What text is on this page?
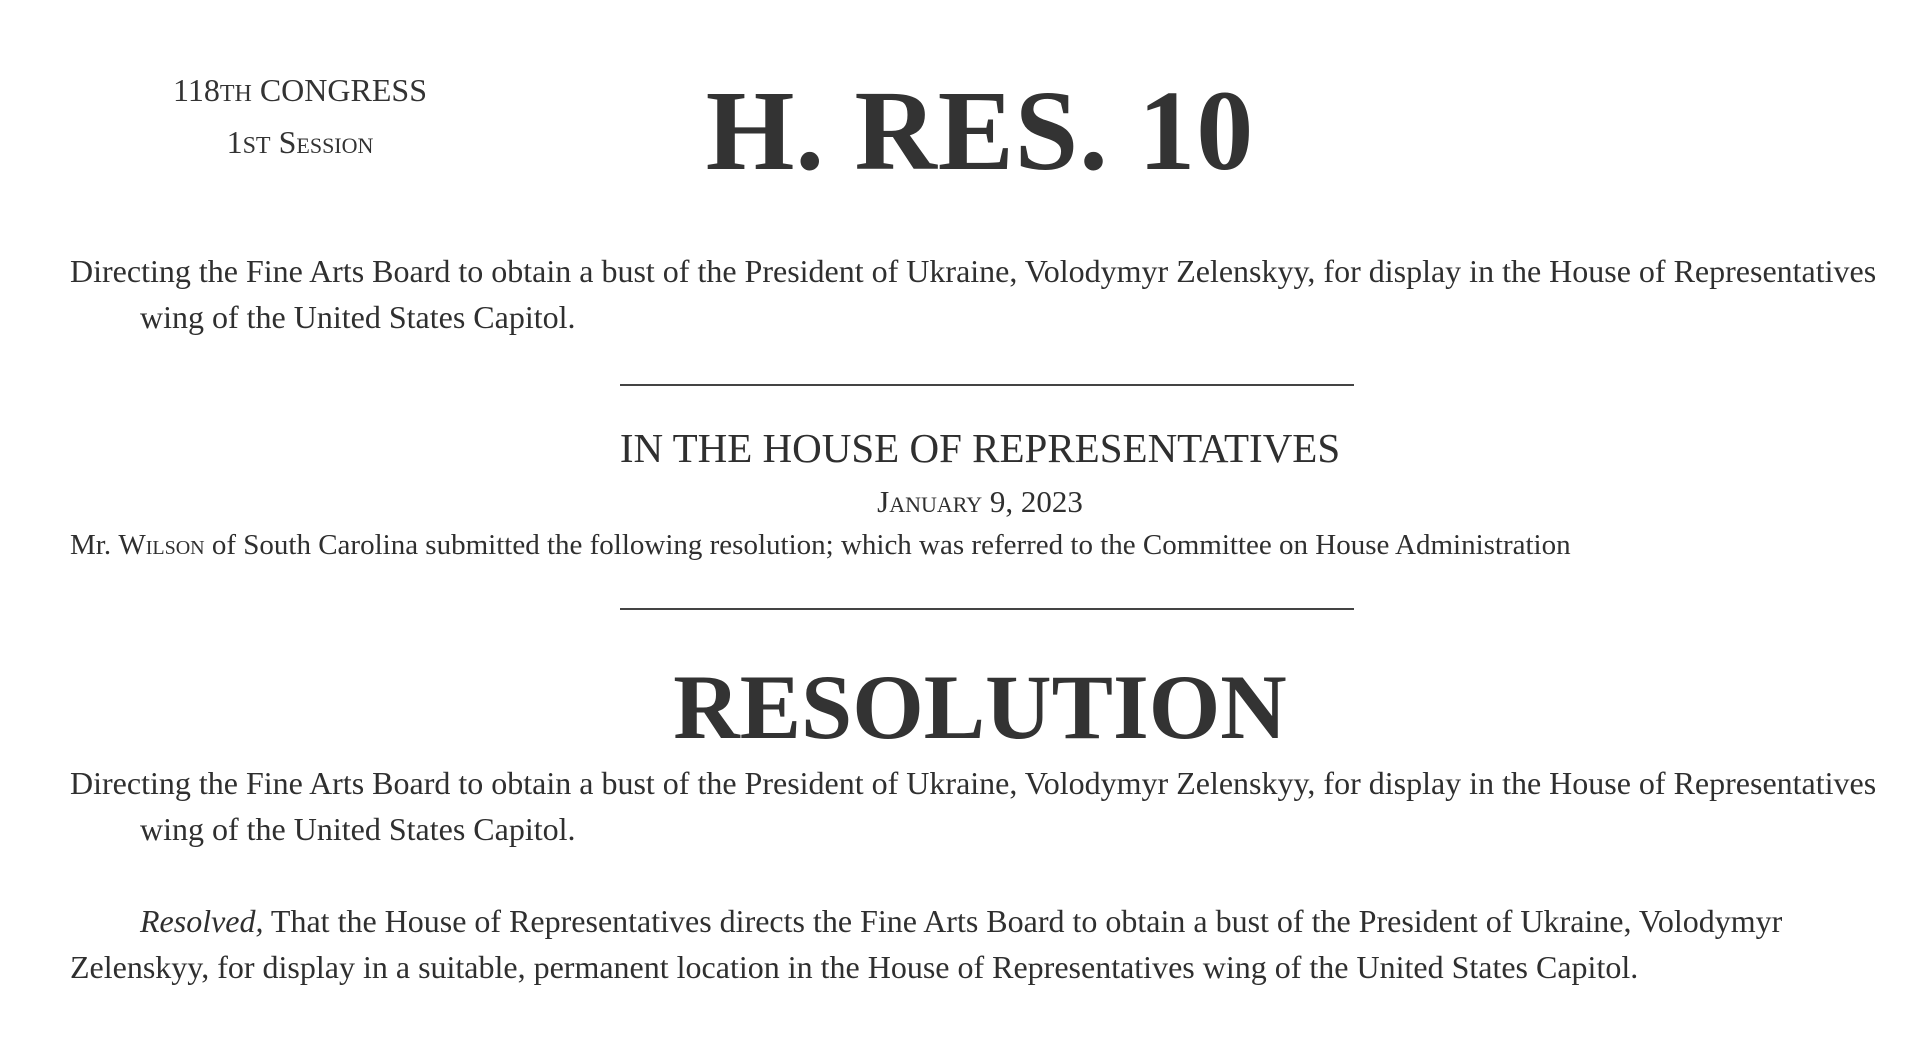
118TH CONGRESS
1ST Session	H. RES. 10
Directing the Fine Arts Board to obtain a bust of the President of Ukraine, Volodymyr Zelenskyy, for display in the House of Representatives wing of the United States Capitol.
IN THE HOUSE OF REPRESENTATIVES
January 9, 2023
Mr. Wilson of South Carolina submitted the following resolution; which was referred to the Committee on House Administration
RESOLUTION
Directing the Fine Arts Board to obtain a bust of the President of Ukraine, Volodymyr Zelenskyy, for display in the House of Representatives wing of the United States Capitol.
Resolved, That the House of Representatives directs the Fine Arts Board to obtain a bust of the President of Ukraine, Volodymyr Zelenskyy, for display in a suitable, permanent location in the House of Representatives wing of the United States Capitol.
